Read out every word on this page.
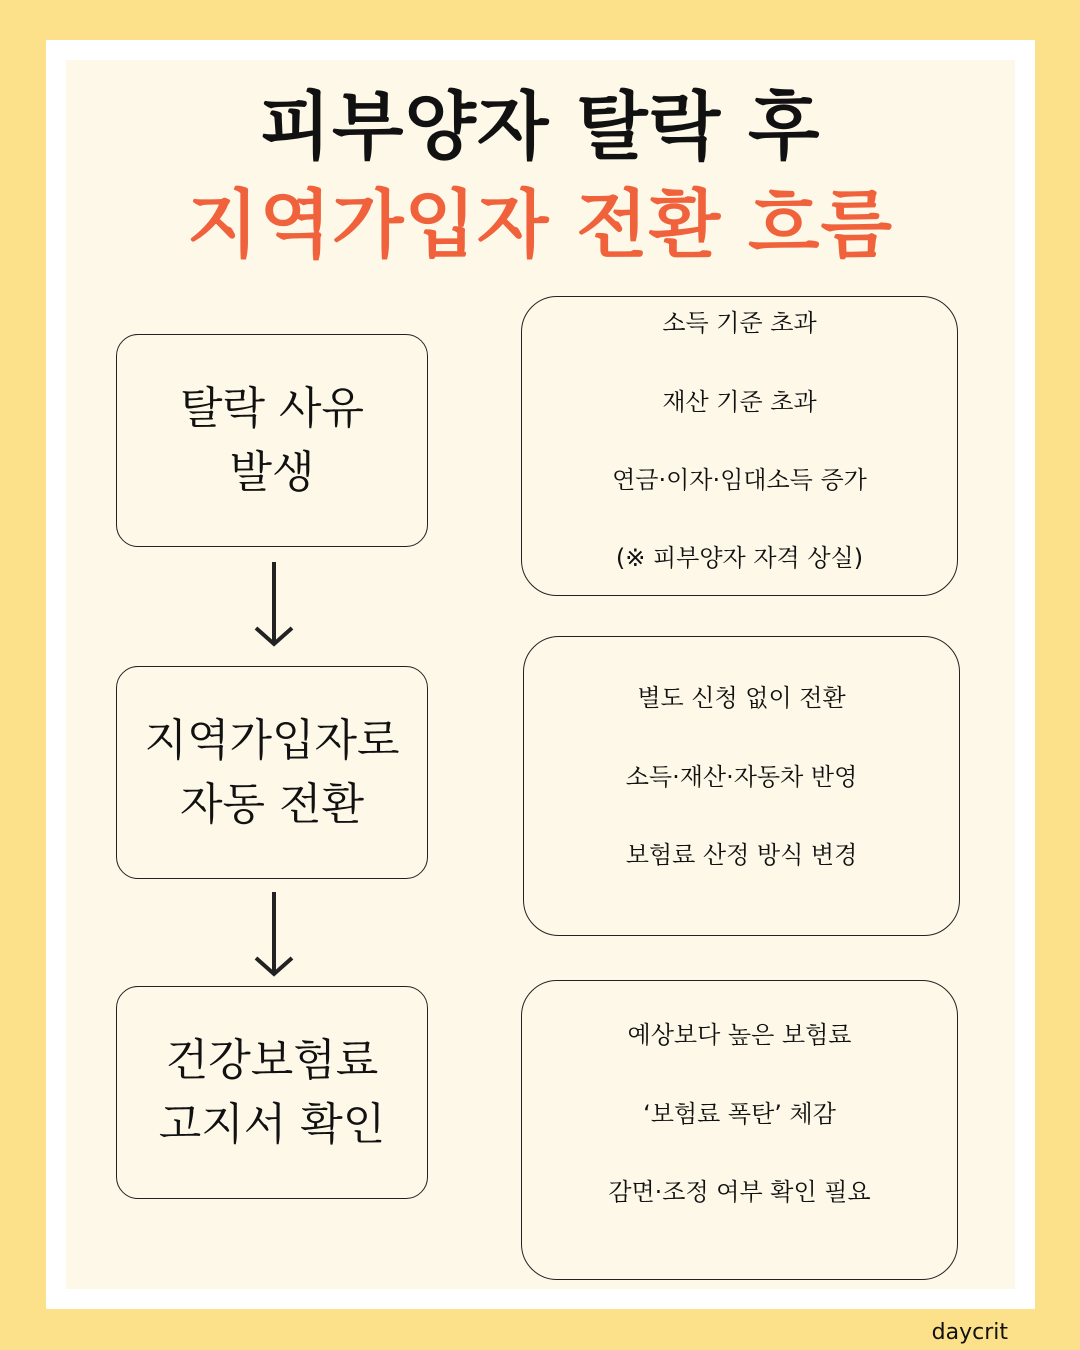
피부양자 탈락 후
지역가입자 전환 흐름
탈락 사유
발생
지역가입자로
자동 전환
건강보험료
고지서 확인
소득 기준 초과
재산 기준 초과
연금·이자·임대소득 증가
(※ 피부양자 자격 상실)
별도 신청 없이 전환
소득·재산·자동차 반영
보험료 산정 방식 변경
예상보다 높은 보험료
‘보험료 폭탄’ 체감
감면·조정 여부 확인 필요
daycrit
